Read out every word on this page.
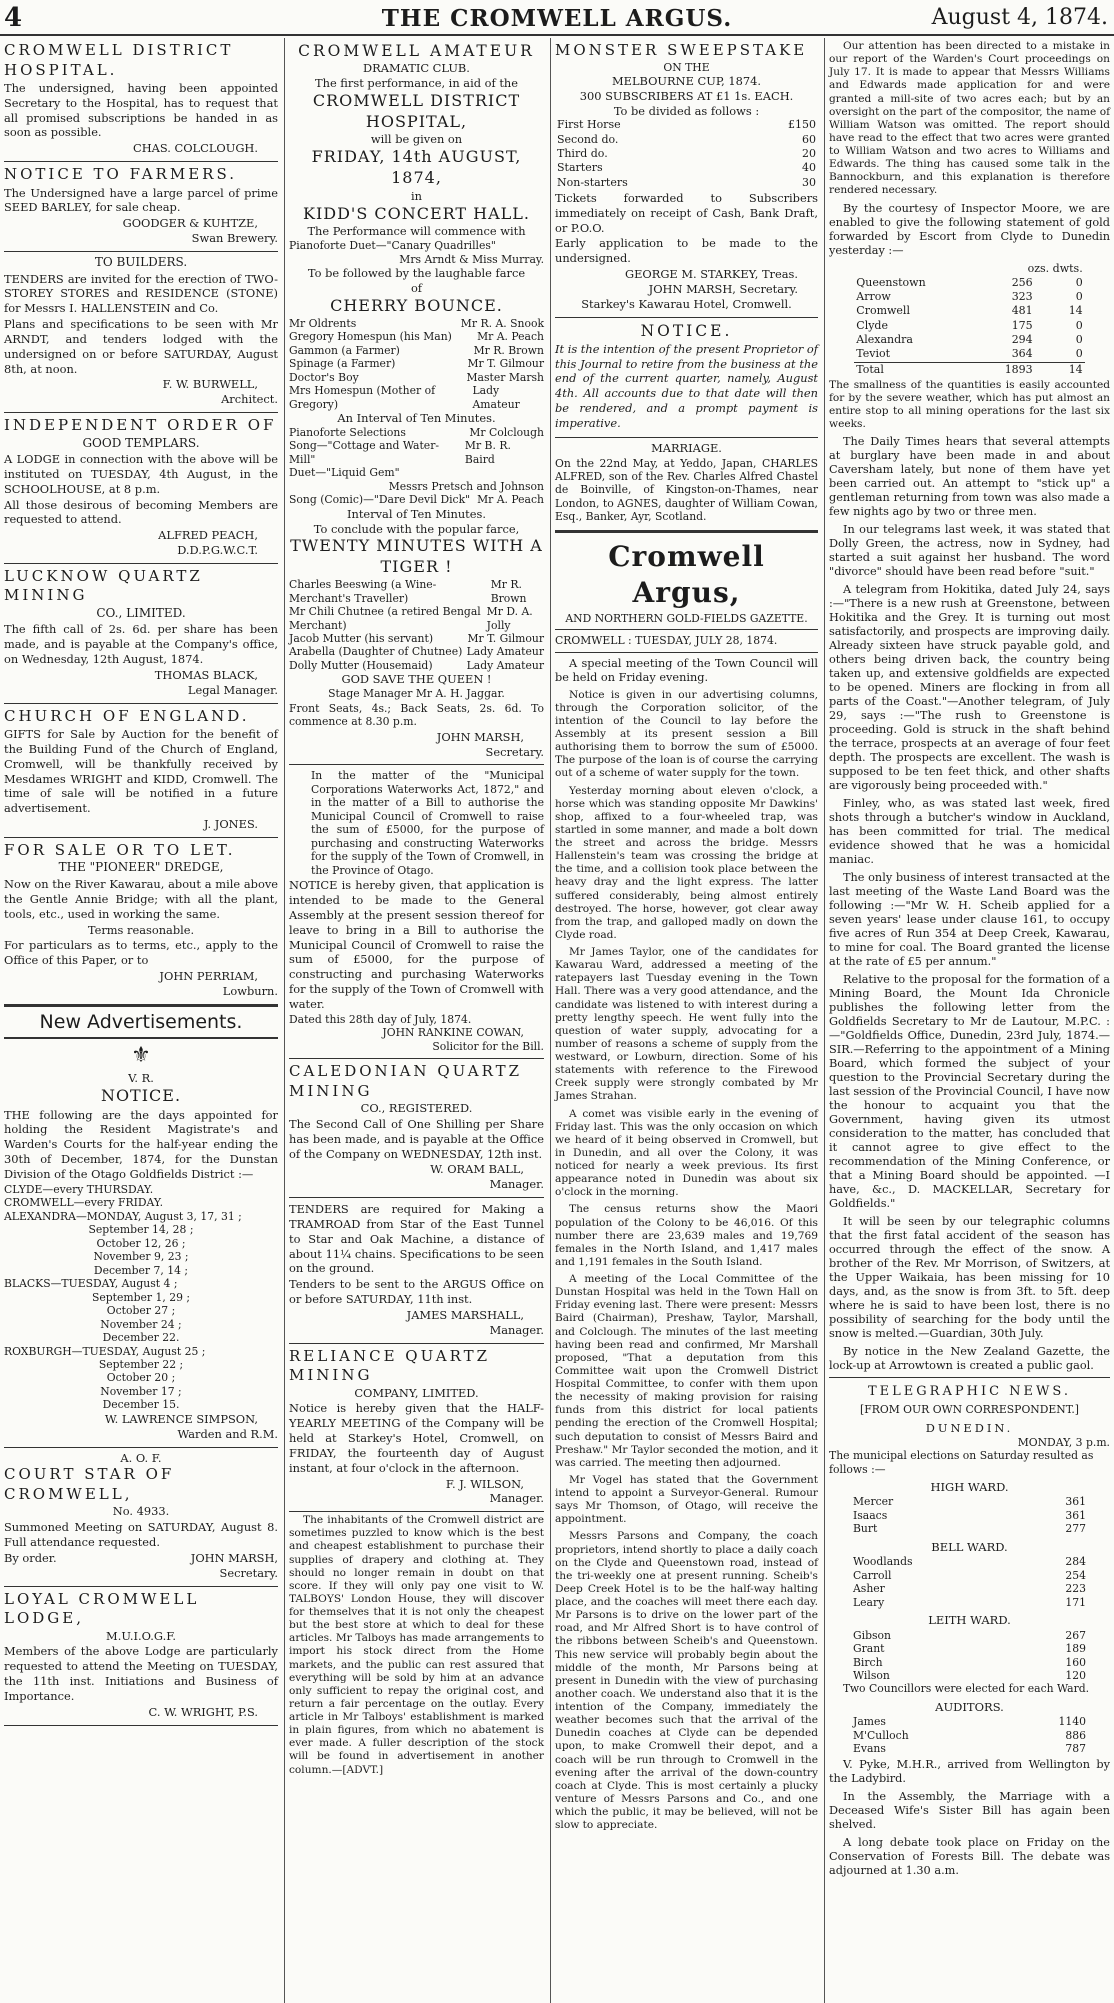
4	THE CROMWELL ARGUS.	August 4, 1874.
CROMWELL DISTRICT HOSPITAL.

The undersigned, having been appointed Secretary to the Hospital, has to request that all promised subscriptions be handed in as soon as possible.

CHAS. COLCLOUGH.
NOTICE TO FARMERS.

The Undersigned have a large parcel of prime SEED BARLEY, for sale cheap.

GOODGER & KUHTZE,
Swan Brewery.
TO BUILDERS.

TENDERS are invited for the erection of TWO-STOREY STORES and RESIDENCE (STONE) for Messrs I. HALLENSTEIN and Co.

Plans and specifications to be seen with Mr ARNDT, and tenders lodged with the undersigned on or before SATURDAY, August 8th, at noon.

F. W. BURWELL,
Architect.
INDEPENDENT ORDER OF
GOOD TEMPLARS.

A LODGE in connection with the above will be instituted on TUESDAY, 4th August, in the SCHOOLHOUSE, at 8 p.m.

All those desirous of becoming Members are requested to attend.

ALFRED PEACH,
D.D.P.G.W.C.T.
LUCKNOW QUARTZ MINING
CO., LIMITED.

The fifth call of 2s. 6d. per share has been made, and is payable at the Company's office, on Wednesday, 12th August, 1874.

THOMAS BLACK,
Legal Manager.
CHURCH OF ENGLAND.

GIFTS for Sale by Auction for the benefit of the Building Fund of the Church of England, Cromwell, will be thankfully received by Mesdames WRIGHT and KIDD, Cromwell. The time of sale will be notified in a future advertisement.

J. JONES.
FOR SALE OR TO LET.
THE "PIONEER" DREDGE,

Now on the River Kawarau, about a mile above the Gentle Annie Bridge; with all the plant, tools, etc., used in working the same.

Terms reasonable.

For particulars as to terms, etc., apply to the Office of this Paper, or to

JOHN PERRIAM,
Lowburn.
New Advertisements.
⚜
V. R.
NOTICE.

THE following are the days appointed for holding the Resident Magistrate's and Warden's Courts for the half-year ending the 30th of December, 1874, for the Dunstan Division of the Otago Goldfields District :—

CLYDE—every THURSDAY.
CROMWELL—every FRIDAY.
ALEXANDRA—MONDAY, August 3, 17, 31 ;
September 14, 28 ;
October 12, 26 ;
November 9, 23 ;
December 7, 14 ;
BLACKS—TUESDAY, August 4 ;
September 1, 29 ;
October 27 ;
November 24 ;
December 22.
ROXBURGH—TUESDAY, August 25 ;
September 22 ;
October 20 ;
November 17 ;
December 15.
W. LAWRENCE SIMPSON,
Warden and R.M.
A. O. F.
COURT STAR OF CROMWELL,
No. 4933.

Summoned Meeting on SATURDAY, August 8. Full attendance requested.

By order.	JOHN MARSH,
Secretary.
LOYAL CROMWELL LODGE,
M.U.I.O.G.F.

Members of the above Lodge are particularly requested to attend the Meeting on TUESDAY, the 11th inst. Initiations and Business of Importance.

C. W. WRIGHT, P.S.
CROMWELL AMATEUR
DRAMATIC CLUB.
The first performance, in aid of the
CROMWELL DISTRICT HOSPITAL,
will be given on
FRIDAY, 14th AUGUST, 1874,
in
KIDD'S CONCERT HALL.
The Performance will commence with
Pianoforte Duet—"Canary Quadrilles"
Mrs Arndt & Miss Murray.
To be followed by the laughable farce
of
CHERRY BOUNCE.
Mr Oldrents	Mr R. A. Snook
Gregory Homespun (his Man) Mr A. Peach
Gammon (a Farmer)	Mr R. Brown
Spinage (a Farmer)	Mr T. Gilmour
Doctor's Boy	Master Marsh
Mrs Homespun (Mother of Gregory)
Lady Amateur
An Interval of Ten Minutes.
Pianoforte Selections	Mr Colclough
Song—"Cottage and Water-Mill"
Mr B. R. Baird
Duet—"Liquid Gem"
Messrs Pretsch and Johnson
Song (Comic)—"Dare Devil Dick" Mr A. Peach
Interval of Ten Minutes.
To conclude with the popular farce,
TWENTY MINUTES WITH A TIGER !
Charles Beeswing (a Wine-Merchant's Traveller)
Mr R. Brown
Mr Chili Chutnee (a retired Bengal Merchant)
Mr D. A. Jolly
Jacob Mutter (his servant)	Mr T. Gilmour
Arabella (Daughter of Chutnee) Lady Amateur
Dolly Mutter (Housemaid)	Lady Amateur
GOD SAVE THE QUEEN !
Stage Manager Mr A. H. Jaggar.

Front Seats, 4s.; Back Seats, 2s. 6d. To commence at 8.30 p.m.

JOHN MARSH,
Secretary.

In the matter of the "Municipal Corporations Waterworks Act, 1872," and in the matter of a Bill to authorise the Municipal Council of Cromwell to raise the sum of £5000, for the purpose of purchasing and constructing Waterworks for the supply of the Town of Cromwell, in the Province of Otago.

NOTICE is hereby given, that application is intended to be made to the General Assembly at the present session thereof for leave to bring in a Bill to authorise the Municipal Council of Cromwell to raise the sum of £5000, for the purpose of constructing and purchasing Waterworks for the supply of the Town of Cromwell with water.

Dated this 28th day of July, 1874.
JOHN RANKINE COWAN,
Solicitor for the Bill.
CALEDONIAN QUARTZ MINING
CO., REGISTERED.

The Second Call of One Shilling per Share has been made, and is payable at the Office of the Company on WEDNESDAY, 12th inst.

W. ORAM BALL,
Manager.

TENDERS are required for Making a TRAMROAD from Star of the East Tunnel to Star and Oak Machine, a distance of about 11¼ chains. Specifications to be seen on the ground.

Tenders to be sent to the ARGUS Office on or before SATURDAY, 11th inst.

JAMES MARSHALL,
Manager.
RELIANCE QUARTZ MINING
COMPANY, LIMITED.

Notice is hereby given that the HALF-YEARLY MEETING of the Company will be held at Starkey's Hotel, Cromwell, on FRIDAY, the fourteenth day of August instant, at four o'clock in the afternoon.

F. J. WILSON,
Manager.

The inhabitants of the Cromwell district are sometimes puzzled to know which is the best and cheapest establishment to purchase their supplies of drapery and clothing at. They should no longer remain in doubt on that score. If they will only pay one visit to W. TALBOYS' London House, they will discover for themselves that it is not only the cheapest but the best store at which to deal for these articles. Mr Talboys has made arrangements to import his stock direct from the Home markets, and the public can rest assured that everything will be sold by him at an advance only sufficient to repay the original cost, and return a fair percentage on the outlay. Every article in Mr Talboys' establishment is marked in plain figures, from which no abatement is ever made. A fuller description of the stock will be found in advertisement in another column.—[ADVT.]

MONSTER SWEEPSTAKE
ON THE
MELBOURNE CUP, 1874.
300 SUBSCRIBERS AT £1 1s. EACH.
To be divided as follows :
First Horse	£150
Second do.	60
Third do.	20
Starters	40
Non-starters	30

Tickets forwarded to Subscribers immediately on receipt of Cash, Bank Draft, or P.O.O.

Early application to be made to the undersigned.

GEORGE M. STARKEY, Treas.
JOHN MARSH, Secretary.
Starkey's Kawarau Hotel, Cromwell.
NOTICE.

It is the intention of the present Proprietor of this Journal to retire from the business at the end of the current quarter, namely, August 4th. All accounts due to that date will then be rendered, and a prompt payment is imperative.

MARRIAGE.

On the 22nd May, at Yeddo, Japan, CHARLES ALFRED, son of the Rev. Charles Alfred Chastel de Boinville, of Kingston-on-Thames, near London, to AGNES, daughter of William Cowan, Esq., Banker, Ayr, Scotland.

Cromwell Argus,
AND NORTHERN GOLD-FIELDS GAZETTE.
CROMWELL : TUESDAY, JULY 28, 1874.

A special meeting of the Town Council will be held on Friday evening.

Notice is given in our advertising columns, through the Corporation solicitor, of the intention of the Council to lay before the Assembly at its present session a Bill authorising them to borrow the sum of £5000. The purpose of the loan is of course the carrying out of a scheme of water supply for the town.

Yesterday morning about eleven o'clock, a horse which was standing opposite Mr Dawkins' shop, affixed to a four-wheeled trap, was startled in some manner, and made a bolt down the street and across the bridge. Messrs Hallenstein's team was crossing the bridge at the time, and a collision took place between the heavy dray and the light express. The latter suffered considerably, being almost entirely destroyed. The horse, however, got clear away from the trap, and galloped madly on down the Clyde road.

Mr James Taylor, one of the candidates for Kawarau Ward, addressed a meeting of the ratepayers last Tuesday evening in the Town Hall. There was a very good attendance, and the candidate was listened to with interest during a pretty lengthy speech. He went fully into the question of water supply, advocating for a number of reasons a scheme of supply from the westward, or Lowburn, direction. Some of his statements with reference to the Firewood Creek supply were strongly combated by Mr James Strahan.

A comet was visible early in the evening of Friday last. This was the only occasion on which we heard of it being observed in Cromwell, but in Dunedin, and all over the Colony, it was noticed for nearly a week previous. Its first appearance noted in Dunedin was about six o'clock in the morning.

The census returns show the Maori population of the Colony to be 46,016. Of this number there are 23,639 males and 19,769 females in the North Island, and 1,417 males and 1,191 females in the South Island.

A meeting of the Local Committee of the Dunstan Hospital was held in the Town Hall on Friday evening last. There were present: Messrs Baird (Chairman), Preshaw, Taylor, Marshall, and Colclough. The minutes of the last meeting having been read and confirmed, Mr Marshall proposed, "That a deputation from this Committee wait upon the Cromwell District Hospital Committee, to confer with them upon the necessity of making provision for raising funds from this district for local patients pending the erection of the Cromwell Hospital; such deputation to consist of Messrs Baird and Preshaw." Mr Taylor seconded the motion, and it was carried. The meeting then adjourned.

Mr Vogel has stated that the Government intend to appoint a Surveyor-General. Rumour says Mr Thomson, of Otago, will receive the appointment.

Messrs Parsons and Company, the coach proprietors, intend shortly to place a daily coach on the Clyde and Queenstown road, instead of the tri-weekly one at present running. Scheib's Deep Creek Hotel is to be the half-way halting place, and the coaches will meet there each day. Mr Parsons is to drive on the lower part of the road, and Mr Alfred Short is to have control of the ribbons between Scheib's and Queenstown. This new service will probably begin about the middle of the month, Mr Parsons being at present in Dunedin with the view of purchasing another coach. We understand also that it is the intention of the Company, immediately the weather becomes such that the arrival of the Dunedin coaches at Clyde can be depended upon, to make Cromwell their depot, and a coach will be run through to Cromwell in the evening after the arrival of the down-country coach at Clyde. This is most certainly a plucky venture of Messrs Parsons and Co., and one which the public, it may be believed, will not be slow to appreciate.

Our attention has been directed to a mistake in our report of the Warden's Court proceedings on July 17. It is made to appear that Messrs Williams and Edwards made application for and were granted a mill-site of two acres each; but by an oversight on the part of the compositor, the name of William Watson was omitted. The report should have read to the effect that two acres were granted to William Watson and two acres to Williams and Edwards. The thing has caused some talk in the Bannockburn, and this explanation is therefore rendered necessary.

By the courtesy of Inspector Moore, we are enabled to give the following statement of gold forwarded by Escort from Clyde to Dunedin yesterday :—

	ozs. dwts.	
Queenstown	256	0
Arrow	323	0
Cromwell	481	14
Clyde	175	0
Alexandra	294	0
Teviot	364	0
Total	1893	14

The smallness of the quantities is easily accounted for by the severe weather, which has put almost an entire stop to all mining operations for the last six weeks.

The Daily Times hears that several attempts at burglary have been made in and about Caversham lately, but none of them have yet been carried out. An attempt to "stick up" a gentleman returning from town was also made a few nights ago by two or three men.

In our telegrams last week, it was stated that Dolly Green, the actress, now in Sydney, had started a suit against her husband. The word "divorce" should have been read before "suit."

A telegram from Hokitika, dated July 24, says :—"There is a new rush at Greenstone, between Hokitika and the Grey. It is turning out most satisfactorily, and prospects are improving daily. Already sixteen have struck payable gold, and others being driven back, the country being taken up, and extensive goldfields are expected to be opened. Miners are flocking in from all parts of the Coast."—Another telegram, of July 29, says :—"The rush to Greenstone is proceeding. Gold is struck in the shaft behind the terrace, prospects at an average of four feet depth. The prospects are excellent. The wash is supposed to be ten feet thick, and other shafts are vigorously being proceeded with."

Finley, who, as was stated last week, fired shots through a butcher's window in Auckland, has been committed for trial. The medical evidence showed that he was a homicidal maniac.

The only business of interest transacted at the last meeting of the Waste Land Board was the following :—"Mr W. H. Scheib applied for a seven years' lease under clause 161, to occupy five acres of Run 354 at Deep Creek, Kawarau, to mine for coal. The Board granted the license at the rate of £5 per annum."

Relative to the proposal for the formation of a Mining Board, the Mount Ida Chronicle publishes the following letter from the Goldfields Secretary to Mr de Lautour, M.P.C. :—"Goldfields Office, Dunedin, 23rd July, 1874.—SIR.—Referring to the appointment of a Mining Board, which formed the subject of your question to the Provincial Secretary during the last session of the Provincial Council, I have now the honour to acquaint you that the Government, having given its utmost consideration to the matter, has concluded that it cannot agree to give effect to the recommendation of the Mining Conference, or that a Mining Board should be appointed. —I have, &c., D. MACKELLAR, Secretary for Goldfields."

It will be seen by our telegraphic columns that the first fatal accident of the season has occurred through the effect of the snow. A brother of the Rev. Mr Morrison, of Switzers, at the Upper Waikaia, has been missing for 10 days, and, as the snow is from 3ft. to 5ft. deep where he is said to have been lost, there is no possibility of searching for the body until the snow is melted.—Guardian, 30th July.

By notice in the New Zealand Gazette, the lock-up at Arrowtown is created a public gaol.

TELEGRAPHIC NEWS.
[FROM OUR OWN CORRESPONDENT.]
DUNEDIN.
MONDAY, 3 p.m.
The municipal elections on Saturday resulted as follows :—
HIGH WARD.
Mercer	361
Isaacs	361
Burt	277
BELL WARD.
Woodlands	284
Carroll	254
Asher	223
Leary	171
LEITH WARD.
Gibson	267
Grant	189
Birch	160
Wilson	120
Two Councillors were elected for each Ward.
AUDITORS.
James	1140
M'Culloch	886
Evans	787

V. Pyke, M.H.R., arrived from Wellington by the Ladybird.

In the Assembly, the Marriage with a Deceased Wife's Sister Bill has again been shelved.

A long debate took place on Friday on the Conservation of Forests Bill. The debate was adjourned at 1.30 a.m.
